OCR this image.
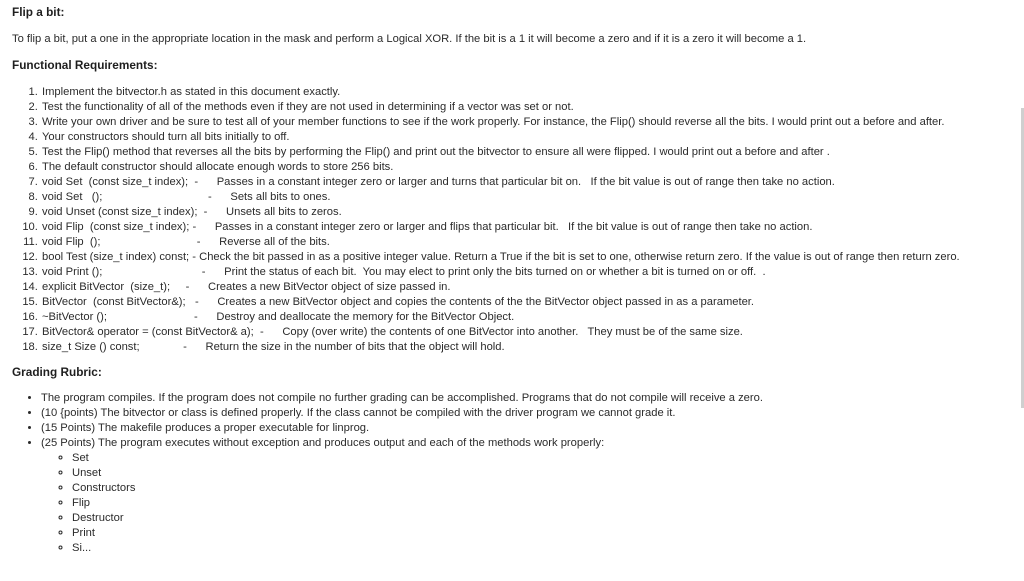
Flip a bit:

To flip a bit, put a one in the appropriate location in the mask and perform a Logical XOR. If the bit is a 1 it will become a zero and if it is a zero it will become a 1.

Functional Requirements:
1. Implement the bitvector.h as stated in this document exactly.
2. Test the functionality of all of the methods even if they are not used in determining if a vector was set or not.
3. Write your own driver and be sure to test all of your member functions to see if the work properly. For instance, the Flip() should reverse all the bits. I would print out a before and after.
4. Your constructors should turn all bits initially to off.
5. Test the Flip() method that reverses all the bits by performing the Flip() and print out the bitvector to ensure all were flipped. I would print out a before and after .
6. The default constructor should allocate enough words to store 256 bits.
7. void Set  (const size_t index);  -      Passes in a constant integer zero or larger and turns that particular bit on.   If the bit value is out of range then take no action.
8. void Set   ();                                  -      Sets all bits to ones.
9. void Unset (const size_t index);  -      Unsets all bits to zeros.
10. void Flip  (const size_t index); -      Passes in a constant integer zero or larger and flips that particular bit.   If the bit value is out of range then take no action.
11. void Flip  ();                               -      Reverse all of the bits.
12. bool Test (size_t index) const; - Check the bit passed in as a positive integer value. Return a True if the bit is set to one, otherwise return zero. If the value is out of range then return zero.
13. void Print ();                                -      Print the status of each bit.  You may elect to print only the bits turned on or whether a bit is turned on or off.  .
14. explicit BitVector  (size_t);     -      Creates a new BitVector object of size passed in.
15. BitVector  (const BitVector&);   -      Creates a new BitVector object and copies the contents of the the BitVector object passed in as a parameter.
16. ~BitVector ();                            -      Destroy and deallocate the memory for the BitVector Object.
17. BitVector& operator = (const BitVector& a);  -      Copy (over write) the contents of one BitVector into another.   They must be of the same size.
18. size_t Size () const;              -      Return the size in the number of bits that the object will hold.
Grading Rubric:
• The program compiles. If the program does not compile no further grading can be accomplished. Programs that do not compile will receive a zero.
• (10 {points) The bitvector or class is defined properly. If the class cannot be compiled with the driver program we cannot grade it.
• (15 Points) The makefile produces a proper executable for linprog.
• (25 Points) The program executes without exception and produces output and each of the methods work properly:
◦ Set
◦ Unset
◦ Constructors
◦ Flip
◦ Destructor
◦ Print
◦ Si...
